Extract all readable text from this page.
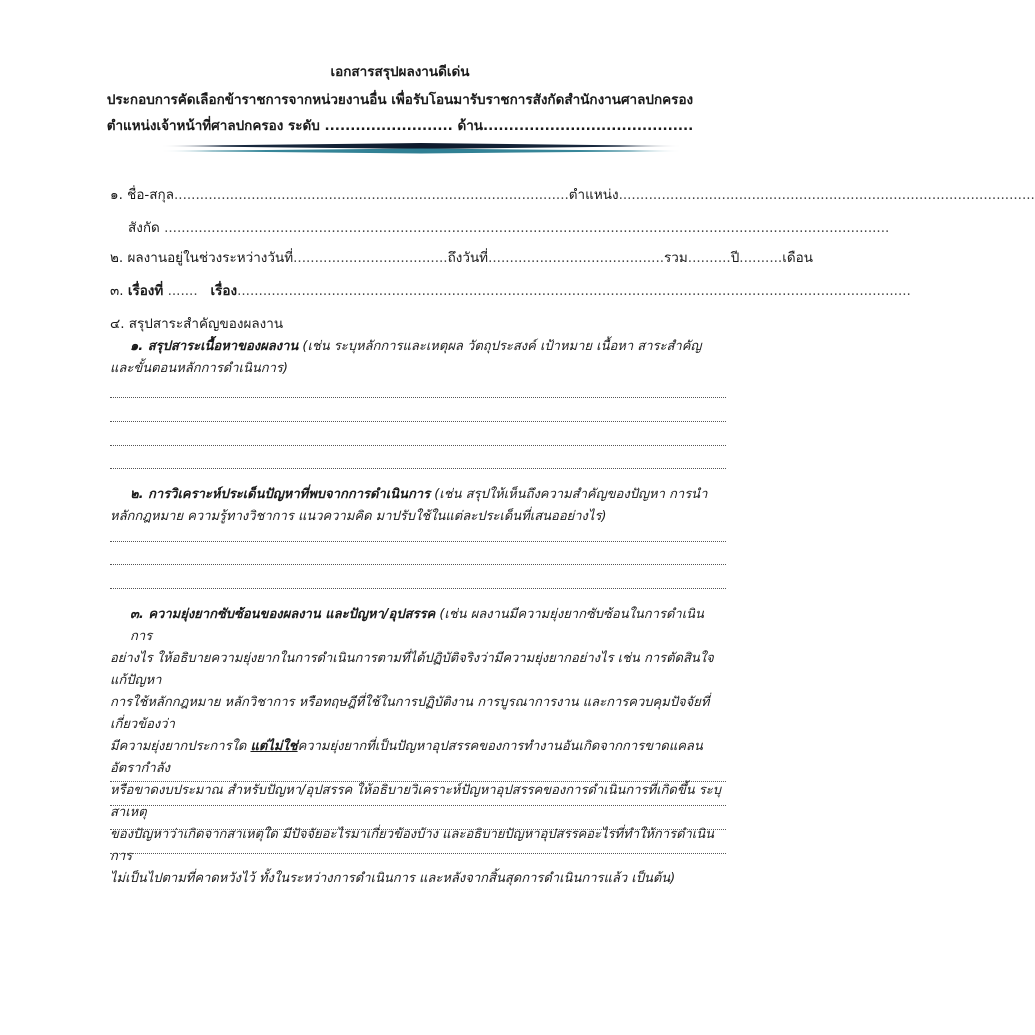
เอกสารสรุปผลงานดีเด่น
ประกอบการคัดเลือกข้าราชการจากหน่วยงานอื่น เพื่อรับโอนมารับราชการสังกัดสำนักงานศาลปกครอง
ตำแหน่งเจ้าหน้าที่ศาลปกครอง ระดับ ......................... ด้าน.........................................
๑. ชื่อ-สกุล............................................................................................ตำแหน่ง.................................................................................................
สังกัด .........................................................................................................................................................................
๒. ผลงานอยู่ในช่วงระหว่างวันที่....................................ถึงวันที่.........................................รวม..........ปี..........เดือน
๓. เรื่องที่ ....... เรื่อง.............................................................................................................................................................
๔. สรุปสาระสำคัญของผลงาน
๑. สรุปสาระเนื้อหาของผลงาน (เช่น ระบุหลักการและเหตุผล วัตถุประสงค์ เป้าหมาย เนื้อหา สาระสำคัญ
และขั้นตอนหลักการดำเนินการ)
๒. การวิเคราะห์ประเด็นปัญหาที่พบจากการดำเนินการ (เช่น สรุปให้เห็นถึงความสำคัญของปัญหา การนำ
หลักกฎหมาย ความรู้ทางวิชาการ แนวความคิด มาปรับใช้ในแต่ละประเด็นที่เสนออย่างไร)
๓. ความยุ่งยากซับซ้อนของผลงาน และปัญหา/อุปสรรค (เช่น ผลงานมีความยุ่งยากซับซ้อนในการดำเนินการ
อย่างไร ให้อธิบายความยุ่งยากในการดำเนินการตามที่ได้ปฏิบัติจริงว่ามีความยุ่งยากอย่างไร เช่น การตัดสินใจแก้ปัญหา
การใช้หลักกฎหมาย หลักวิชาการ หรือทฤษฎีที่ใช้ในการปฏิบัติงาน การบูรณาการงาน และการควบคุมปัจจัยที่เกี่ยวข้องว่า
มีความยุ่งยากประการใด แต่ไม่ใช่ความยุ่งยากที่เป็นปัญหาอุปสรรคของการทำงานอันเกิดจากการขาดแคลนอัตรากำลัง
หรือขาดงบประมาณ สำหรับปัญหา/อุปสรรค ให้อธิบายวิเคราะห์ปัญหาอุปสรรคของการดำเนินการที่เกิดขึ้น ระบุสาเหตุ
ของปัญหาว่าเกิดจากสาเหตุใด มีปัจจัยอะไรมาเกี่ยวข้องบ้าง และอธิบายปัญหาอุปสรรคอะไรที่ทำให้การดำเนินการ
ไม่เป็นไปตามที่คาดหวังไว้ ทั้งในระหว่างการดำเนินการ และหลังจากสิ้นสุดการดำเนินการแล้ว เป็นต้น)
